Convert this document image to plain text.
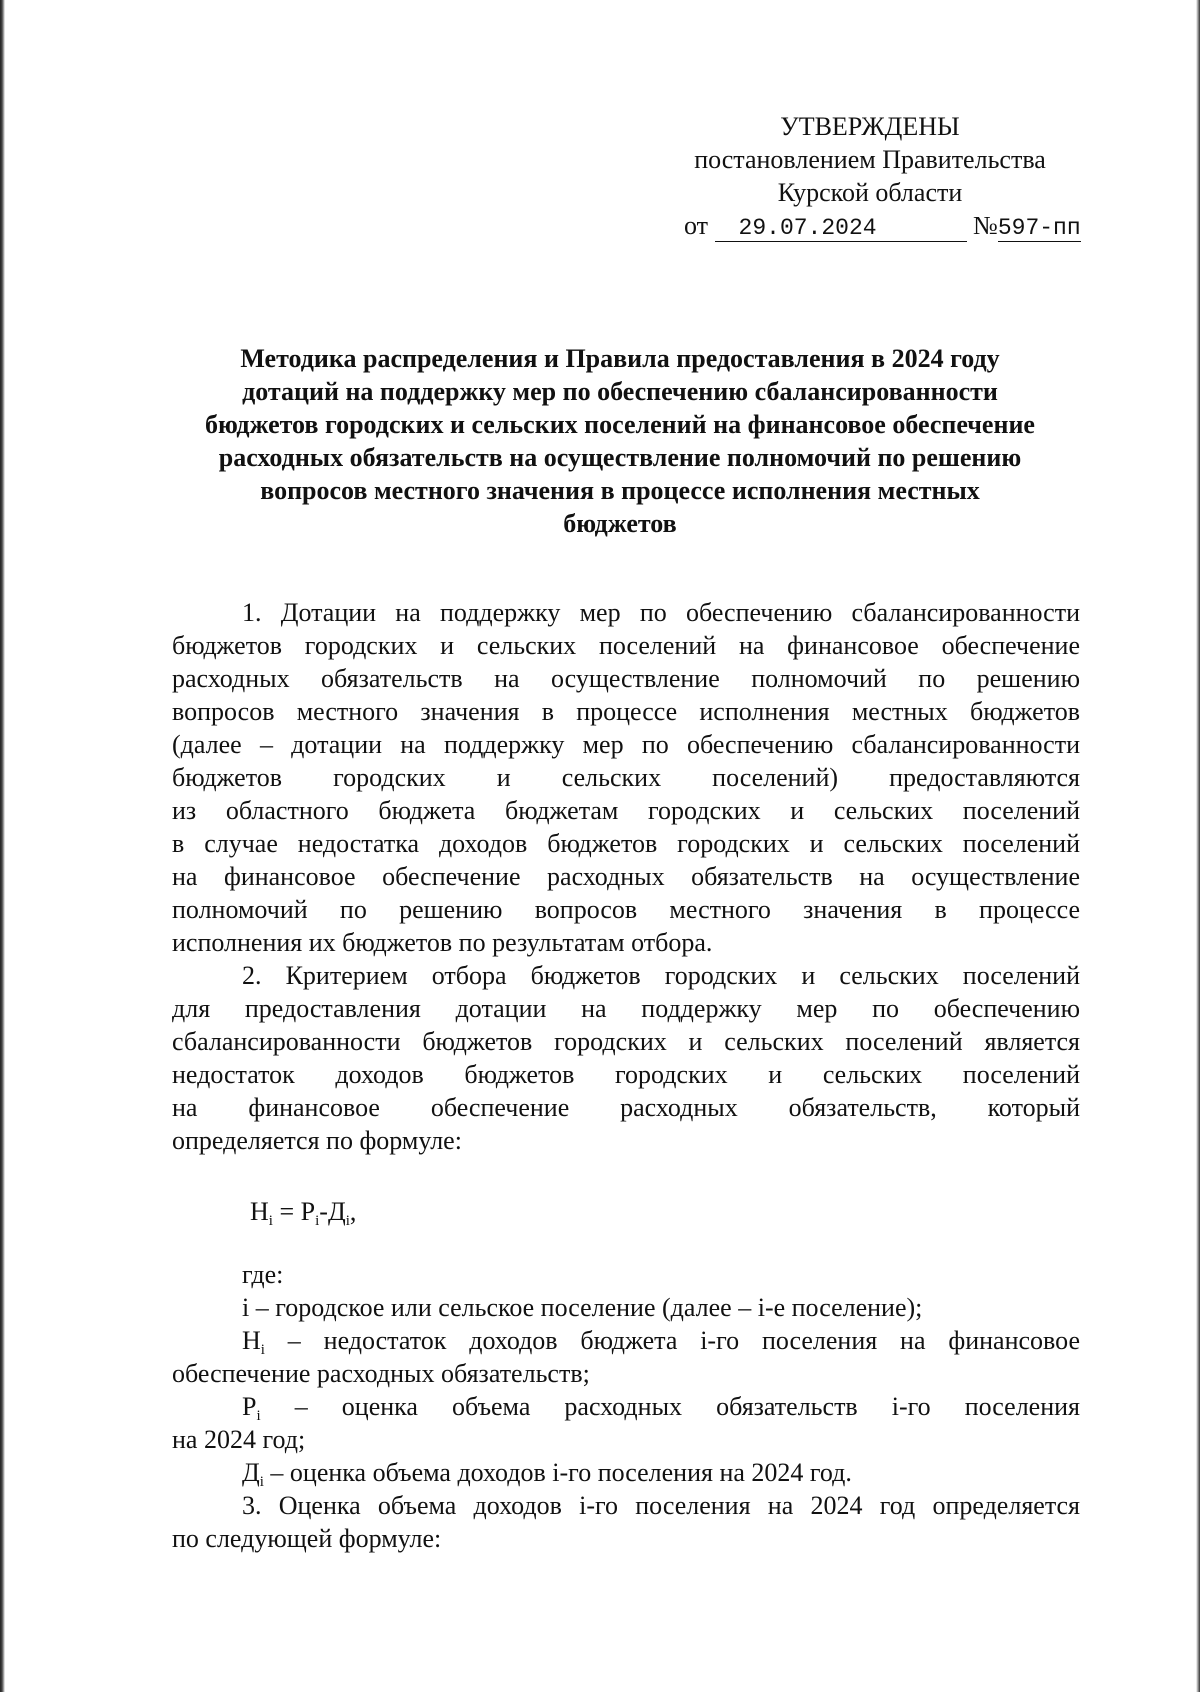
УТВЕРЖДЕНЫ
постановлением Правительства
Курской области
от 29.07.2024	№597-пп
Методика распределения и Правила предоставления в 2024 году
дотаций на поддержку мер по обеспечению сбалансированности
бюджетов городских и сельских поселений на финансовое обеспечение
расходных обязательств на осуществление полномочий по решению
вопросов местного значения в процессе исполнения местных
бюджетов
1. Дотации на поддержку мер по обеспечению сбалансированности
бюджетов городских и сельских поселений на финансовое обеспечение
расходных обязательств на осуществление полномочий по решению
вопросов местного значения в процессе исполнения местных бюджетов
(далее – дотации на поддержку мер по обеспечению сбалансированности
бюджетов городских и сельских поселений) предоставляются
из областного бюджета бюджетам городских и сельских поселений
в случае недостатка доходов бюджетов городских и сельских поселений
на финансовое обеспечение расходных обязательств на осуществление
полномочий по решению вопросов местного значения в процессе
исполнения их бюджетов по результатам отбора.
2. Критерием отбора бюджетов городских и сельских поселений
для предоставления дотации на поддержку мер по обеспечению
сбалансированности бюджетов городских и сельских поселений является
недостаток доходов бюджетов городских и сельских поселений
на финансовое обеспечение расходных обязательств, который
определяется по формуле:
$Н_i = Р_i-Д_i$,
где:
i – городское или сельское поселение (далее – i-е поселение);
$Н_i$ – недостаток доходов бюджета i-го поселения на финансовое
обеспечение расходных обязательств;
$Р_i$ – оценка объема расходных обязательств i-го поселения
на 2024 год;
$Д_i$ – оценка объема доходов i-го поселения на 2024 год.
3. Оценка объема доходов i-го поселения на 2024 год определяется
по следующей формуле:
